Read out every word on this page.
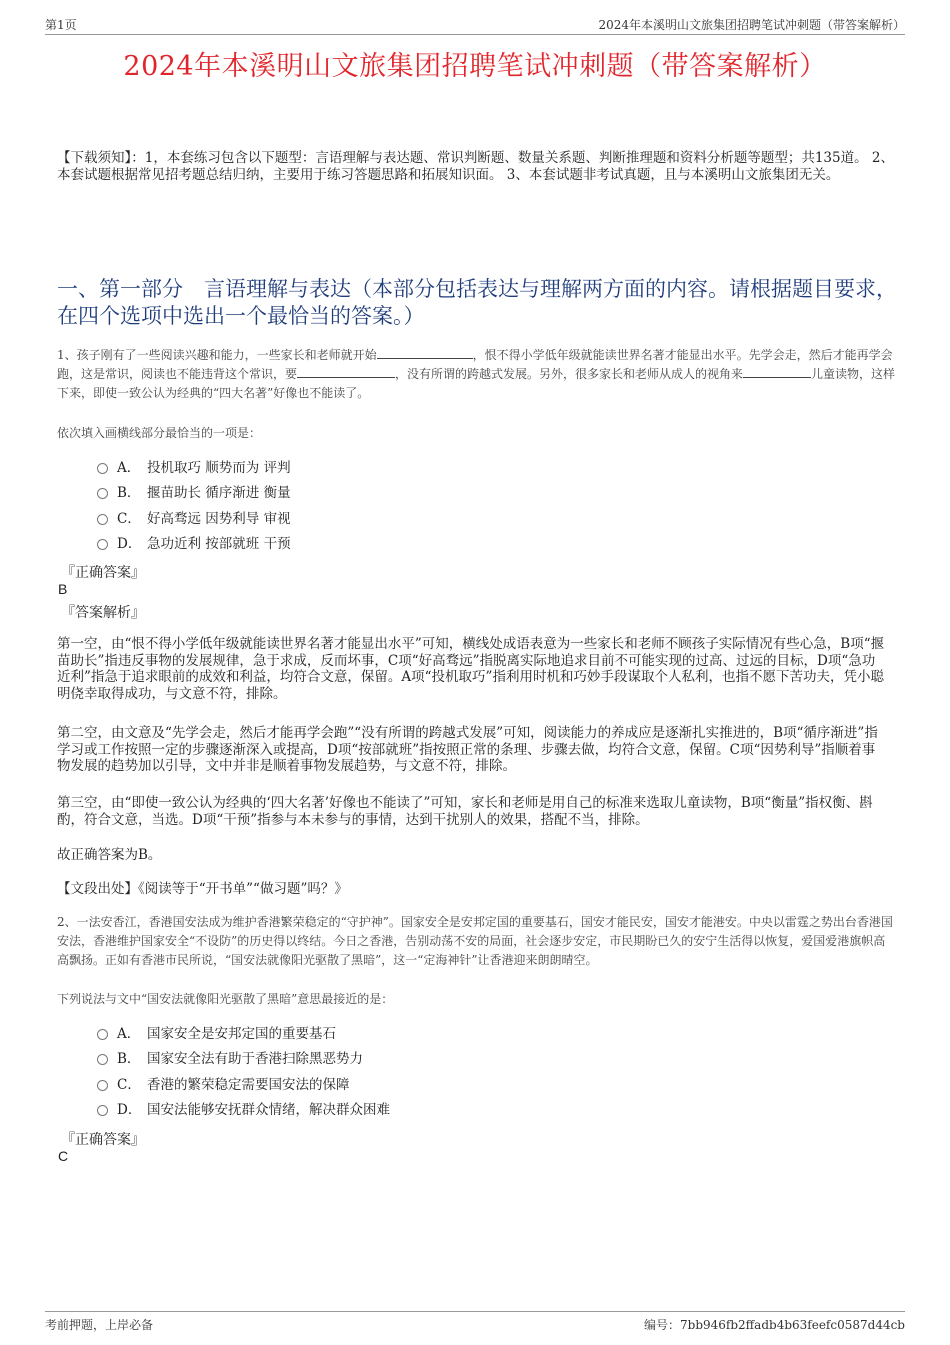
第1页	2024年本溪明山文旅集团招聘笔试冲刺题（带答案解析）
2024年本溪明山文旅集团招聘笔试冲刺题（带答案解析）
【下载须知】：1，本套练习包含以下题型：言语理解与表达题、常识判断题、数量关系题、判断推理题和资料分析题等题型；共135道。 2、本套试题根据常见招考题总结归纳，主要用于练习答题思路和拓展知识面。 3、本套试题非考试真题，且与本溪明山文旅集团无关。
一、第一部分　言语理解与表达（本部分包括表达与理解两方面的内容。请根据题目要求，在四个选项中选出一个最恰当的答案。）
1、孩子刚有了一些阅读兴趣和能力，一些家长和老师就开始	，恨不得小学低年级就能读世界名著才能显出水平。先学会走，然后才能再学会跑，这是常识，阅读也不能违背这个常识，要	，没有所谓的跨越式发展。另外，很多家长和老师从成人的视角来	儿童读物，这样下来，即使一致公认为经典的“四大名著”好像也不能读了。
依次填入画横线部分最恰当的一项是：
A． 投机取巧 顺势而为 评判
B． 揠苗助长 循序渐进 衡量
C． 好高骛远 因势利导 审视
D． 急功近利 按部就班 干预
『正确答案』
B
『答案解析』
第一空，由“恨不得小学低年级就能读世界名著才能显出水平”可知，横线处成语表意为一些家长和老师不顾孩子实际情况有些心急，B项“揠苗助长”指违反事物的发展规律，急于求成，反而坏事，C项“好高骛远”指脱离实际地追求目前不可能实现的过高、过远的目标，D项“急功近利”指急于追求眼前的成效和利益，均符合文意，保留。A项“投机取巧”指利用时机和巧妙手段谋取个人私利，也指不愿下苦功夫，凭小聪明侥幸取得成功，与文意不符，排除。
第二空，由文意及“先学会走，然后才能再学会跑”“没有所谓的跨越式发展”可知，阅读能力的养成应是逐渐扎实推进的，B项“循序渐进”指学习或工作按照一定的步骤逐渐深入或提高，D项“按部就班”指按照正常的条理、步骤去做，均符合文意，保留。C项“因势利导”指顺着事物发展的趋势加以引导，文中并非是顺着事物发展趋势，与文意不符，排除。
第三空，由“即使一致公认为经典的‘四大名著’好像也不能读了”可知，家长和老师是用自己的标准来选取儿童读物，B项“衡量”指权衡、斟酌，符合文意，当选。D项“干预”指参与本未参与的事情，达到干扰别人的效果，搭配不当，排除。
故正确答案为B。
【文段出处】《阅读等于“开书单”“做习题”吗？》
2、一法安香江，香港国安法成为维护香港繁荣稳定的“守护神”。国家安全是安邦定国的重要基石，国安才能民安，国安才能港安。中央以雷霆之势出台香港国安法，香港维护国家安全“不设防”的历史得以终结。今日之香港，告别动荡不安的局面，社会逐步安定，市民期盼已久的安宁生活得以恢复，爱国爱港旗帜高高飘扬。正如有香港市民所说，“国安法就像阳光驱散了黑暗”，这一“定海神针”让香港迎来朗朗晴空。
下列说法与文中“国安法就像阳光驱散了黑暗”意思最接近的是：
A． 国家安全是安邦定国的重要基石
B． 国家安全法有助于香港扫除黑恶势力
C． 香港的繁荣稳定需要国安法的保障
D． 国安法能够安抚群众情绪，解决群众困难
『正确答案』
C
考前押题，上岸必备	编号：7bb946fb2ffadb4b63feefc0587d44cb
